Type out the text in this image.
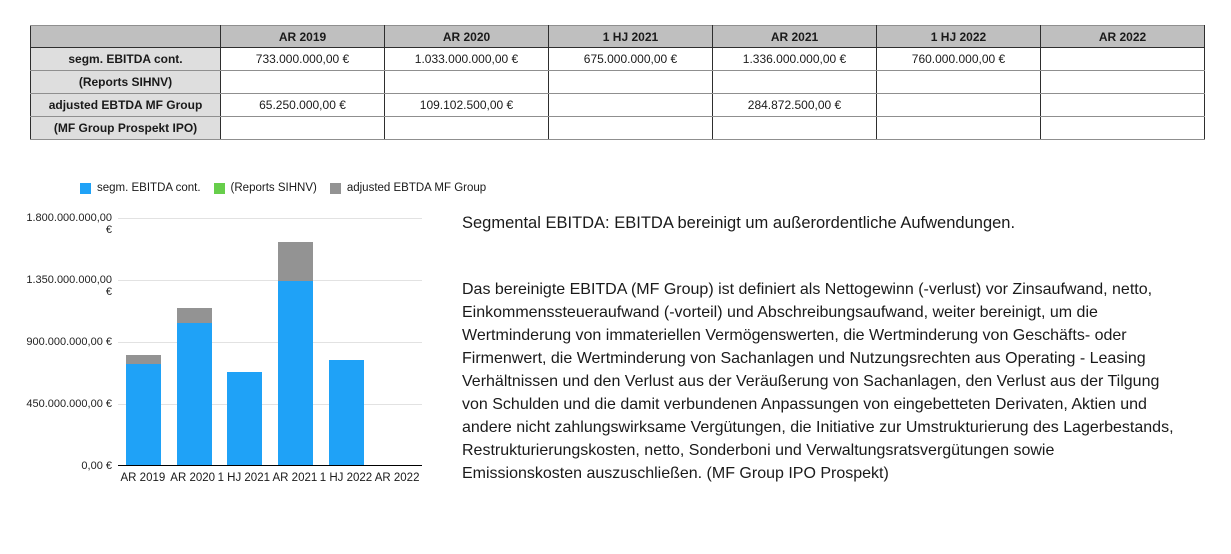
	AR 2019	AR 2020	1 HJ 2021	AR 2021	1 HJ 2022	AR 2022
segm. EBITDA cont.	733.000.000,00 €	1.033.000.000,00 €	675.000.000,00 €	1.336.000.000,00 €	760.000.000,00 €	
(Reports SIHNV)						
adjusted EBTDA MF Group	65.250.000,00 €	109.102.500,00 €		284.872.500,00 €		
(MF Group Prospekt IPO)						
segm. EBITDA cont.	(Reports SIHNV)	adjusted EBTDA MF Group
1.800.000.000,00 €
1.350.000.000,00 €
900.000.000,00 €
450.000.000,00 €
0,00 €
AR 2019 AR 2020 1 HJ 2021 AR 2021 1 HJ 2022 AR 2022

Segmental EBITDA: EBITDA bereinigt um außerordentliche Aufwendungen.

Das bereinigte EBITDA (MF Group) ist definiert als Nettogewinn (-verlust) vor Zinsaufwand, netto, Einkommenssteueraufwand (-vorteil) und Abschreibungsaufwand, weiter bereinigt, um die Wertminderung von immateriellen Vermögenswerten, die Wertminderung von Geschäfts- oder Firmenwert, die Wertminderung von Sachanlagen und Nutzungsrechten aus Operating - Leasing Verhältnissen und den Verlust aus der Veräußerung von Sachanlagen, den Verlust aus der Tilgung von Schulden und die damit verbundenen Anpassungen von eingebetteten Derivaten, Aktien und andere nicht zahlungswirksame Vergütungen, die Initiative zur Umstrukturierung des Lagerbestands, Restrukturierungskosten, netto, Sonderboni und Verwaltungsratsvergütungen sowie Emissionskosten auszuschließen. (MF Group IPO Prospekt)
